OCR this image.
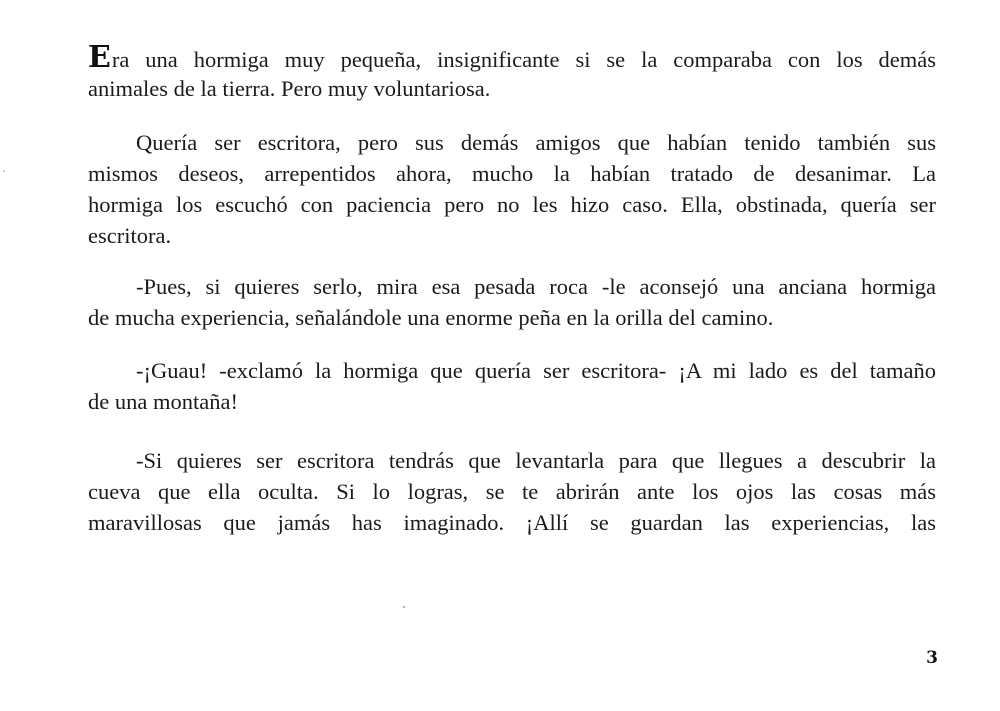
Era una hormiga muy pequeña, insignificante si se la comparaba con los demás
animales de la tierra. Pero muy voluntariosa.
Quería ser escritora, pero sus demás amigos que habían tenido también sus
mismos deseos, arrepentidos ahora, mucho la habían tratado de desanimar. La
hormiga los escuchó con paciencia pero no les hizo caso. Ella, obstinada, quería ser
escritora.
-Pues, si quieres serlo, mira esa pesada roca -le aconsejó una anciana hormiga
de mucha experiencia, señalándole una enorme peña en la orilla del camino.
-¡Guau! -exclamó la hormiga que quería ser escritora- ¡A mi lado es del tamaño
de una montaña!
-Si quieres ser escritora tendrás que levantarla para que llegues a descubrir la
cueva que ella oculta. Si lo logras, se te abrirán ante los ojos las cosas más
maravillosas que jamás has imaginado. ¡Allí se guardan las experiencias, las
3
